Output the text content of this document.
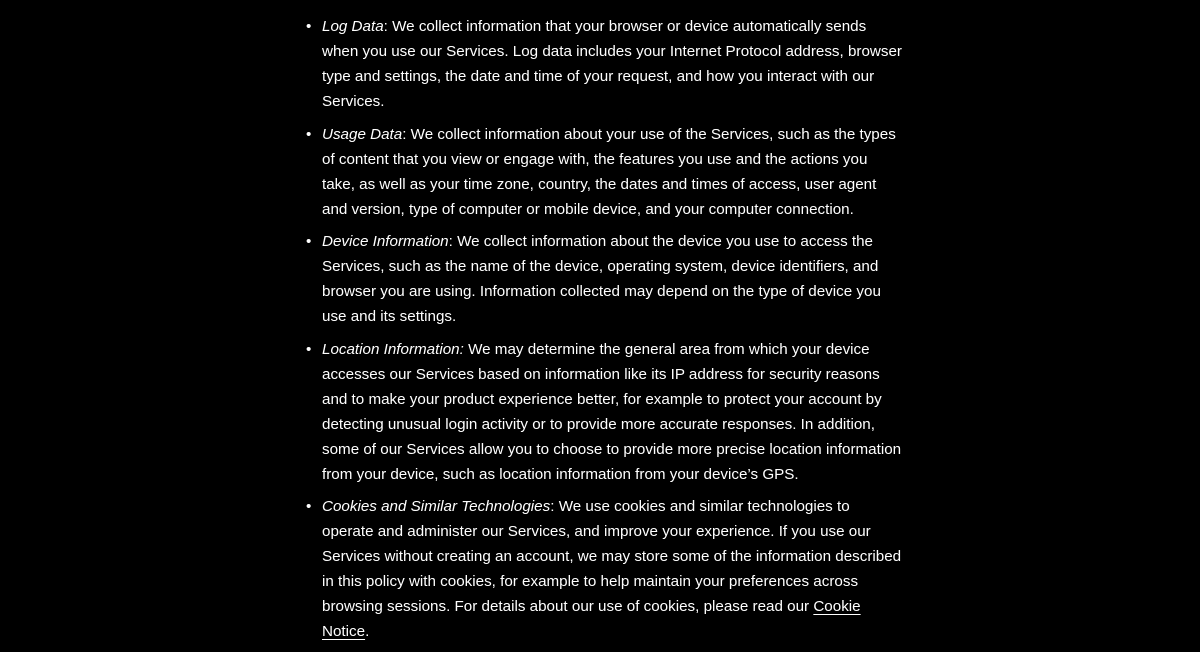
• Log Data: We collect information that your browser or device automatically sends when you use our Services. Log data includes your Internet Protocol address, browser type and settings, the date and time of your request, and how you interact with our Services.
• Usage Data: We collect information about your use of the Services, such as the types of content that you view or engage with, the features you use and the actions you take, as well as your time zone, country, the dates and times of access, user agent and version, type of computer or mobile device, and your computer connection.
• Device Information: We collect information about the device you use to access the Services, such as the name of the device, operating system, device identifiers, and browser you are using. Information collected may depend on the type of device you use and its settings.
• Location Information: We may determine the general area from which your device accesses our Services based on information like its IP address for security reasons and to make your product experience better, for example to protect your account by detecting unusual login activity or to provide more accurate responses. In addition, some of our Services allow you to choose to provide more precise location information from your device, such as location information from your device’s GPS.
• Cookies and Similar Technologies: We use cookies and similar technologies to operate and administer our Services, and improve your experience. If you use our Services without creating an account, we may store some of the information described in this policy with cookies, for example to help maintain your preferences across browsing sessions. For details about our use of cookies, please read our Cookie Notice.
